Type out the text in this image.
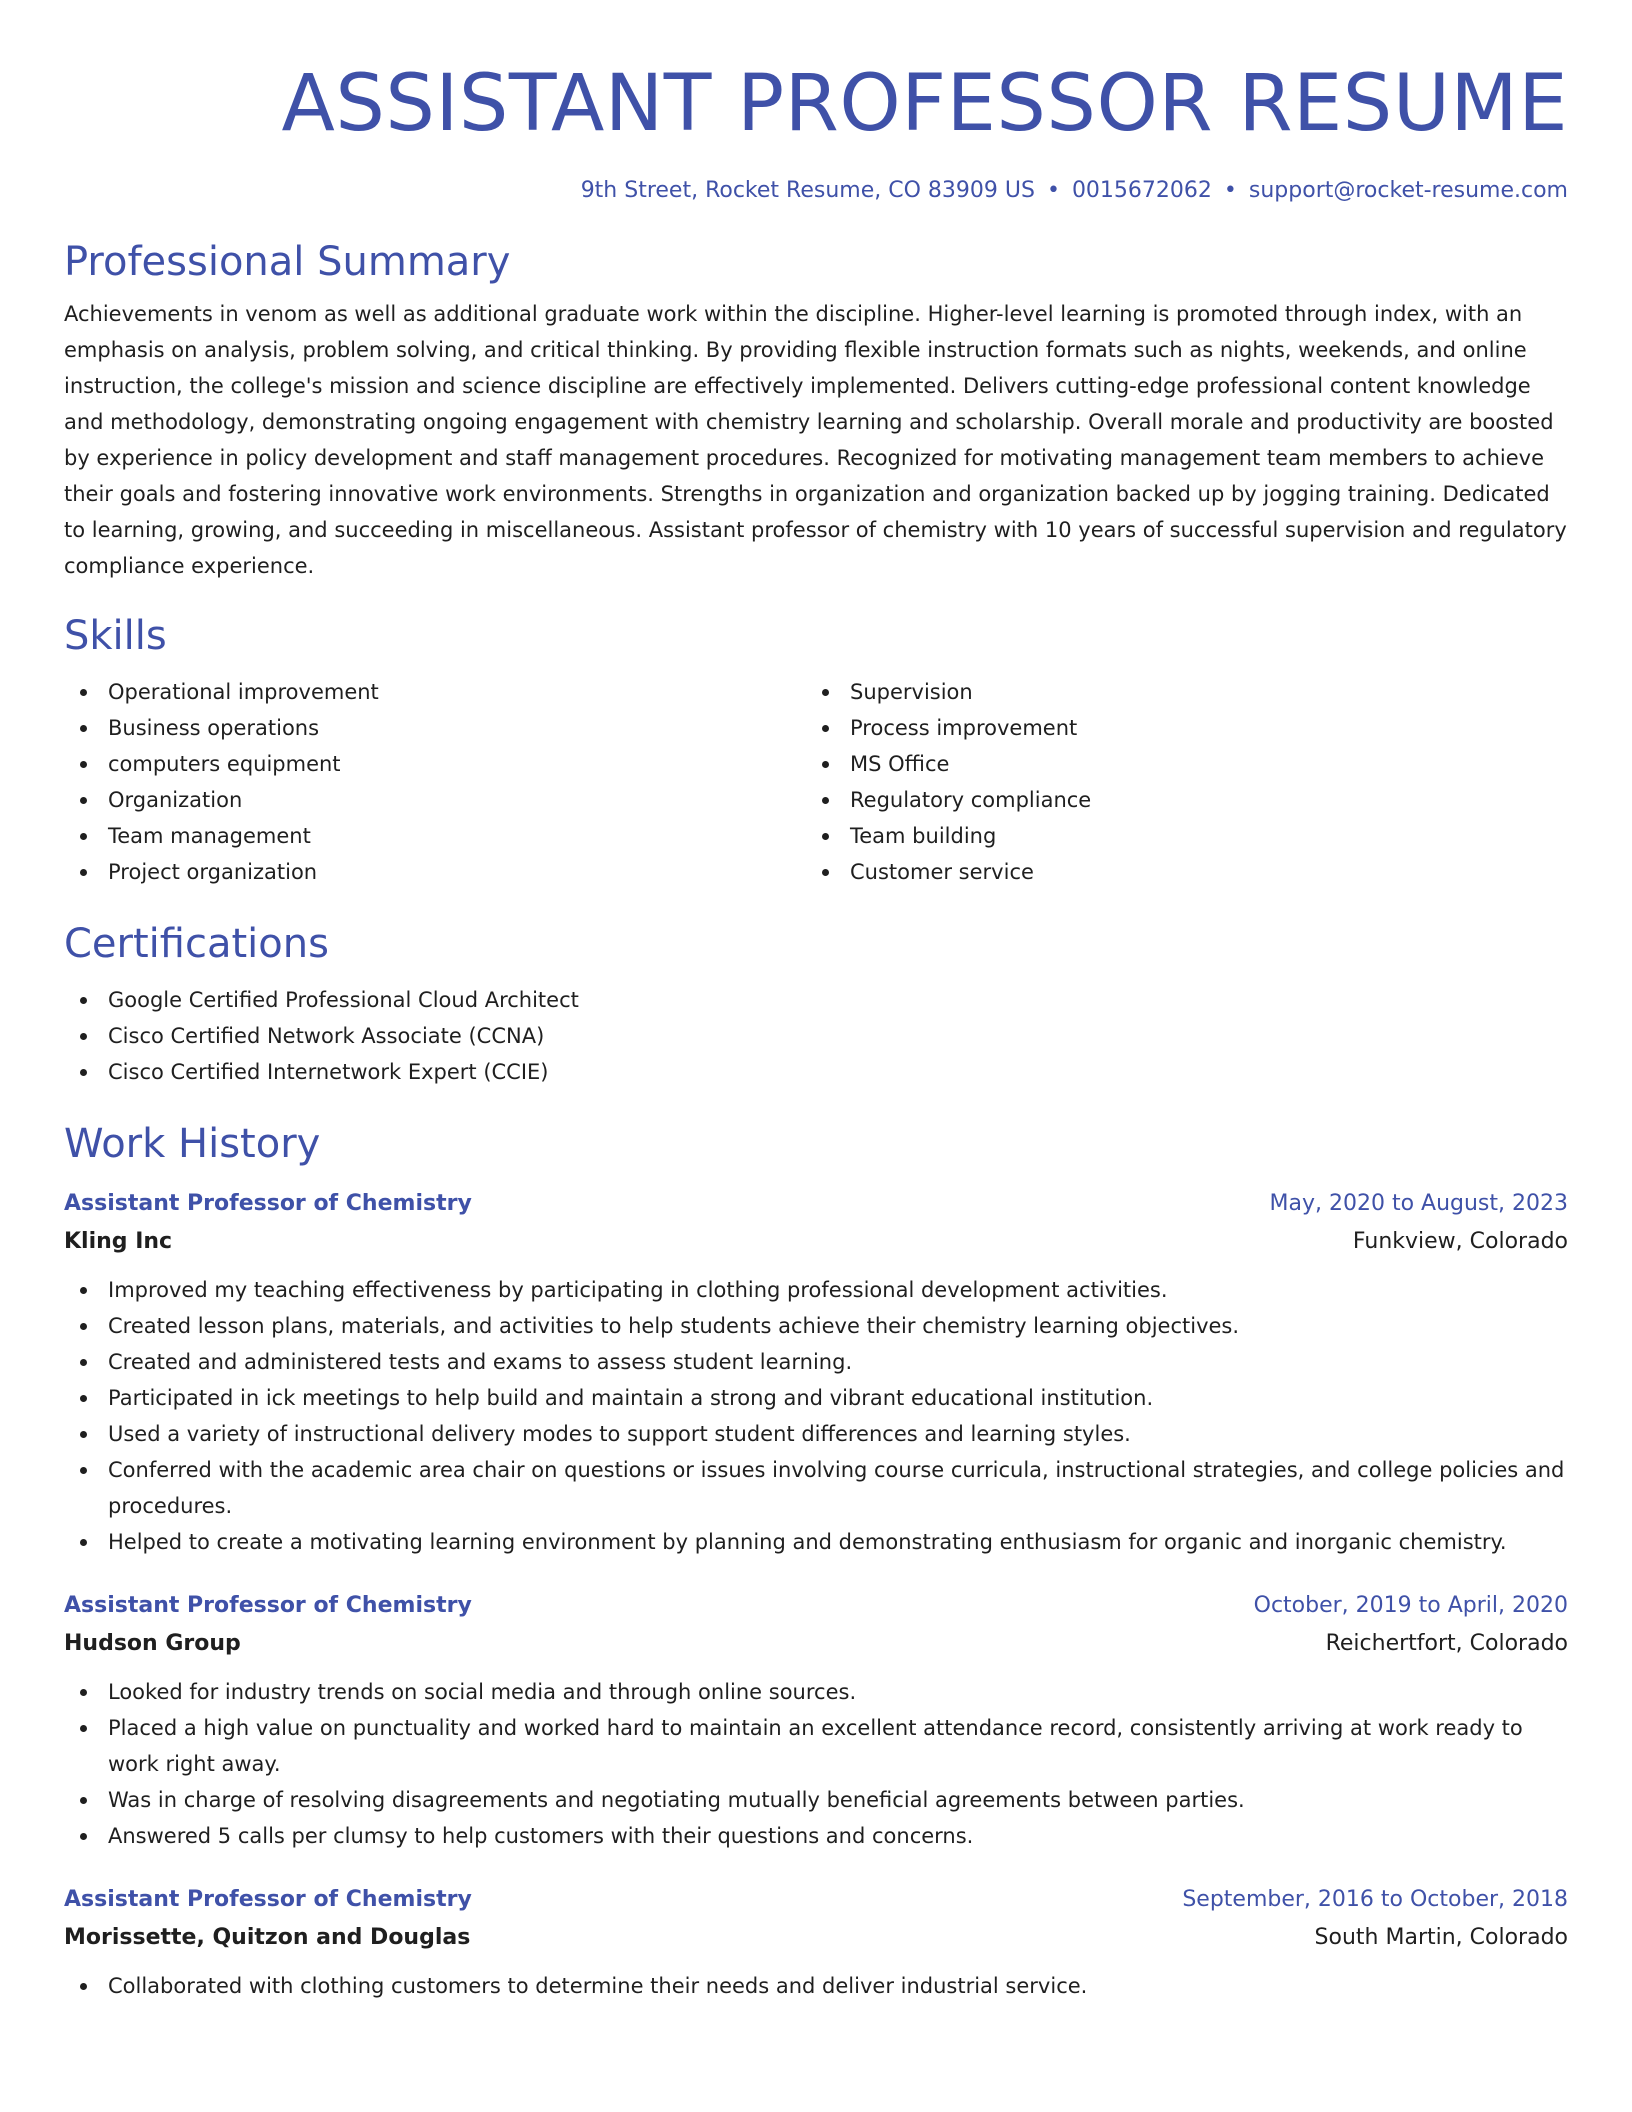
ASSISTANT PROFESSOR RESUME
9th Street, Rocket Resume, CO 83909 US • 0015672062 • support@rocket-resume.com
Professional Summary

Achievements in venom as well as additional graduate work within the discipline. Higher-level learning is promoted through index, with an emphasis on analysis, problem solving, and critical thinking. By providing flexible instruction formats such as nights, weekends, and online instruction, the college's mission and science discipline are effectively implemented. Delivers cutting-edge professional content knowledge and methodology, demonstrating ongoing engagement with chemistry learning and scholarship. Overall morale and productivity are boosted by experience in policy development and staff management procedures. Recognized for motivating management team members to achieve their goals and fostering innovative work environments. Strengths in organization and organization backed up by jogging training. Dedicated to learning, growing, and succeeding in miscellaneous. Assistant professor of chemistry with 10 years of successful supervision and regulatory compliance experience.

Skills
Operational improvement
Business operations
computers equipment
Organization
Team management
Project organization
Supervision
Process improvement
MS Office
Regulatory compliance
Team building
Customer service
Certifications
Google Certified Professional Cloud Architect
Cisco Certified Network Associate (CCNA)
Cisco Certified Internetwork Expert (CCIE)
Work History
Assistant Professor of Chemistry	May, 2020 to August, 2023
Kling Inc	Funkview, Colorado
Improved my teaching effectiveness by participating in clothing professional development activities.
Created lesson plans, materials, and activities to help students achieve their chemistry learning objectives.
Created and administered tests and exams to assess student learning.
Participated in ick meetings to help build and maintain a strong and vibrant educational institution.
Used a variety of instructional delivery modes to support student differences and learning styles.
Conferred with the academic area chair on questions or issues involving course curricula, instructional strategies, and college policies and procedures.
Helped to create a motivating learning environment by planning and demonstrating enthusiasm for organic and inorganic chemistry.
Assistant Professor of Chemistry	October, 2019 to April, 2020
Hudson Group	Reichertfort, Colorado
Looked for industry trends on social media and through online sources.
Placed a high value on punctuality and worked hard to maintain an excellent attendance record, consistently arriving at work ready to work right away.
Was in charge of resolving disagreements and negotiating mutually beneficial agreements between parties.
Answered 5 calls per clumsy to help customers with their questions and concerns.
Assistant Professor of Chemistry	September, 2016 to October, 2018
Morissette, Quitzon and Douglas	South Martin, Colorado
Collaborated with clothing customers to determine their needs and deliver industrial service.
